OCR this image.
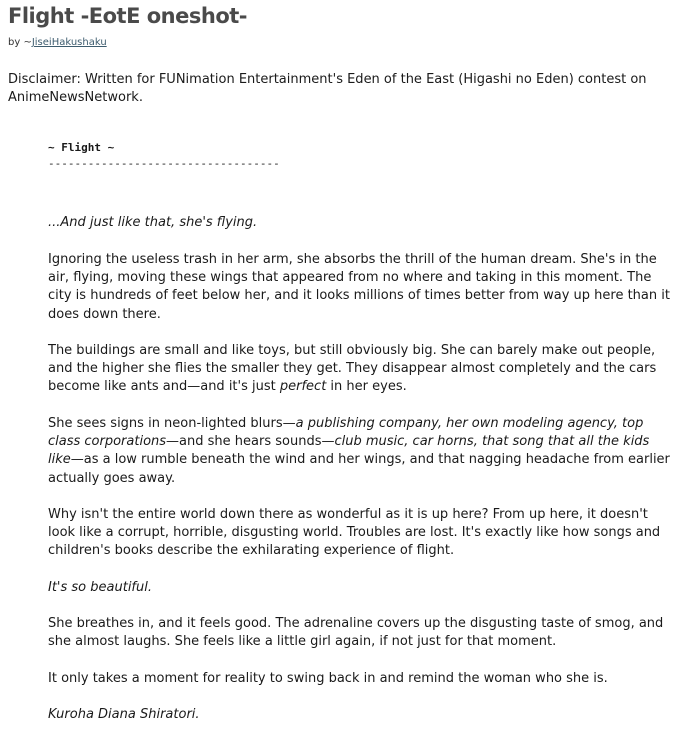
Flight -EotE oneshot-
by ~JiseiHakushaku

Disclaimer: Written for FUNimation Entertainment's Eden of the East (Higashi no Eden) contest on AnimeNewsNetwork.

~ Flight ~
-----------------------------------

...And just like that, she's flying.

Ignoring the useless trash in her arm, she absorbs the thrill of the human dream. She's in the air, flying, moving these wings that appeared from no where and taking in this moment. The city is hundreds of feet below her, and it looks millions of times better from way up here than it does down there.

The buildings are small and like toys, but still obviously big. She can barely make out people, and the higher she flies the smaller they get. They disappear almost completely and the cars become like ants and—and it's just perfect in her eyes.

She sees signs in neon-lighted blurs—a publishing company, her own modeling agency, top class corporations—and she hears sounds—club music, car horns, that song that all the kids like—as a low rumble beneath the wind and her wings, and that nagging headache from earlier actually goes away.

Why isn't the entire world down there as wonderful as it is up here? From up here, it doesn't look like a corrupt, horrible, disgusting world. Troubles are lost. It's exactly like how songs and children's books describe the exhilarating experience of flight.

It's so beautiful.

She breathes in, and it feels good. The adrenaline covers up the disgusting taste of smog, and she almost laughs. She feels like a little girl again, if not just for that moment.

It only takes a moment for reality to swing back in and remind the woman who she is.

Kuroha Diana Shiratori.
